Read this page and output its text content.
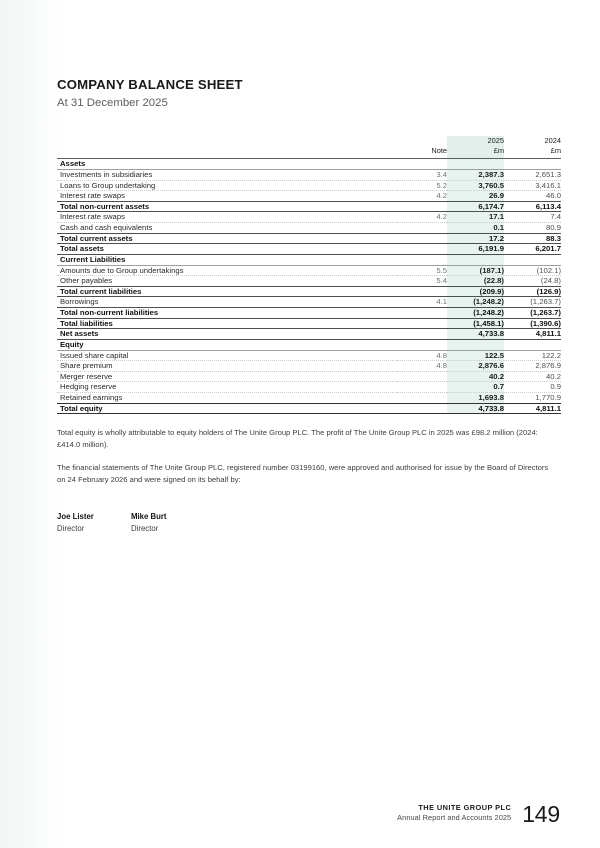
COMPANY BALANCE SHEET
At 31 December 2025
		2025	2024
	Note	£m	£m
Assets			
Investments in subsidiaries	3.4	2,387.3	2,651.3
Loans to Group undertaking	5.2	3,760.5	3,416.1
Interest rate swaps	4.2	26.9	46.0
Total non-current assets		6,174.7	6,113.4
Interest rate swaps	4.2	17.1	7.4
Cash and cash equivalents		0.1	80.9
Total current assets		17.2	88.3
Total assets		6,191.9	6,201.7
Current Liabilities			
Amounts due to Group undertakings	5.5	(187.1)	(102.1)
Other payables	5.4	(22.8)	(24.8)
Total current liabilities		(209.9)	(126.9)
Borrowings	4.1	(1,248.2)	(1,263.7)
Total non-current liabilities		(1,248.2)	(1,263.7)
Total liabilities		(1,458.1)	(1,390.6)
Net assets		4,733.8	4,811.1
Equity			
Issued share capital	4.8	122.5	122.2
Share premium	4.8	2,876.6	2,876.9
Merger reserve		40.2	40.2
Hedging reserve		0.7	0.9
Retained earnings		1,693.8	1,770.9
Total equity		4,733.8	4,811.1

Total equity is wholly attributable to equity holders of The Unite Group PLC. The profit of The Unite Group PLC in 2025 was £98.2 million (2024: £414.0 million).

The financial statements of The Unite Group PLC, registered number 03199160, were approved and authorised for issue by the Board of Directors on 24 February 2026 and were signed on its behalf by:

Joe Lister
Director
Mike Burt
Director
THE UNITE GROUP PLC
Annual Report and Accounts 2025 149
